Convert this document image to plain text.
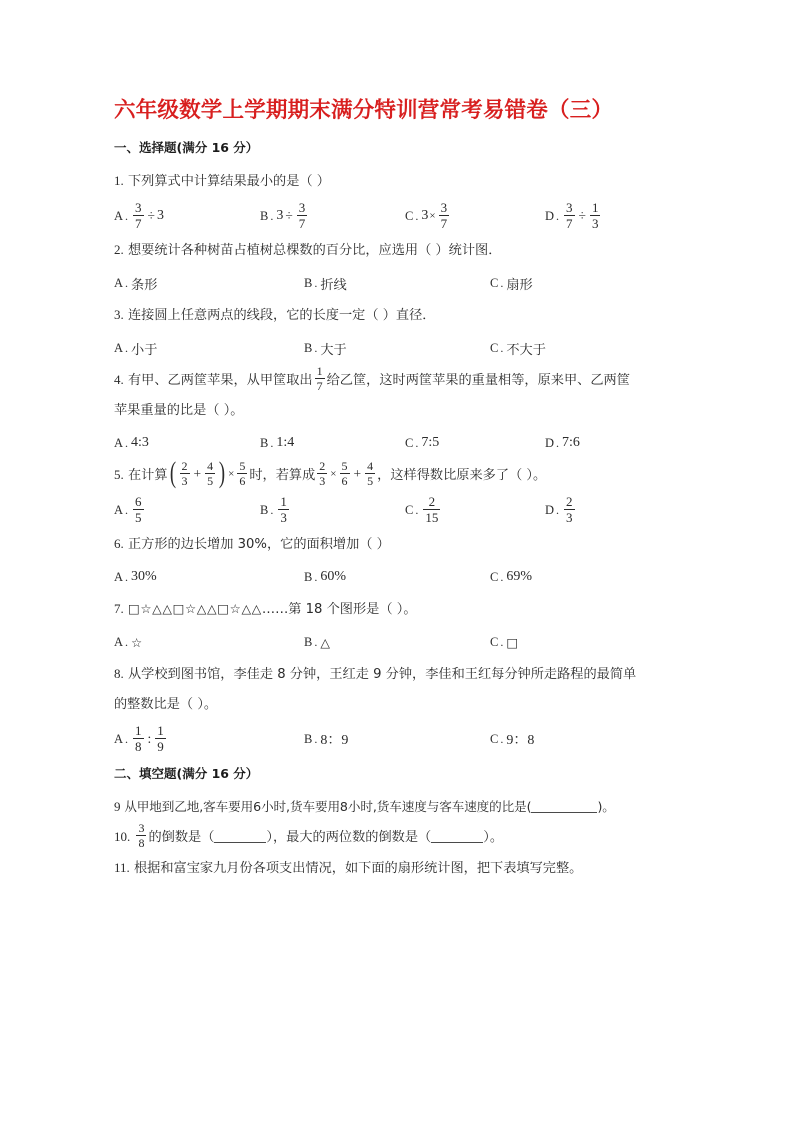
六年级数学上学期期末满分特训营常考易错卷（三）
一、选择题(满分 16 分）
1. 下列算式中计算结果最小的是（ ）
A . $\frac{3}{7} \div 3$	B . $3 \div \frac{3}{7}$	C . $3 \times \frac{3}{7}$	D . $\frac{3}{7} \div \frac{1}{3}$
2. 想要统计各种树苗占植树总棵数的百分比，应选用（ ）统计图．
A . 条形	B . 折线	C . 扇形
3. 连接圆上任意两点的线段，它的长度一定（ ）直径．
A . 小于	B . 大于	C . 不大于
4. 有甲、乙两筐苹果，从甲筐取出 $\frac{1}{7}$ 给乙筐，这时两筐苹果的重量相等，原来甲、乙两筐
苹果重量的比是（ ）。
A . 4:3	B . 1:4	C . 7:5	D . 7:6
5. 在计算 ( $\frac{2}{3} + \frac{4}{5}$ ) × $\frac{5}{6}$ 时，若算成 $\frac{2}{3} \times \frac{5}{6} + \frac{4}{5}$ ，这样得数比原来多了（ ）。
A . $\frac{6}{5}$	B . $\frac{1}{3}$	C . $\frac{2}{15}$	D . $\frac{2}{3}$
6. 正方形的边长增加 30%，它的面积增加（ ）
A . 30%	B . 60%	C . 69%
7. □☆△△□☆△△□☆△△……第 18 个图形是（ ）。
A . ☆	B . △	C . □
8. 从学校到图书馆，李佳走 8 分钟，王红走 9 分钟，李佳和王红每分钟所走路程的最简单
的整数比是（ ）。
A . $\frac{1}{8}$ : $\frac{1}{9}$	B . 8：9	C . 9：8
二、填空题(满分 16 分）
9 从甲地到乙地,客车要用6小时,货车要用8小时,货车速度与客车速度的比是(	)。
10. $\frac{3}{8}$ 的倒数是（	），最大的两位数的倒数是（	）。
11. 根据和富宝家九月份各项支出情况，如下面的扇形统计图，把下表填写完整。
